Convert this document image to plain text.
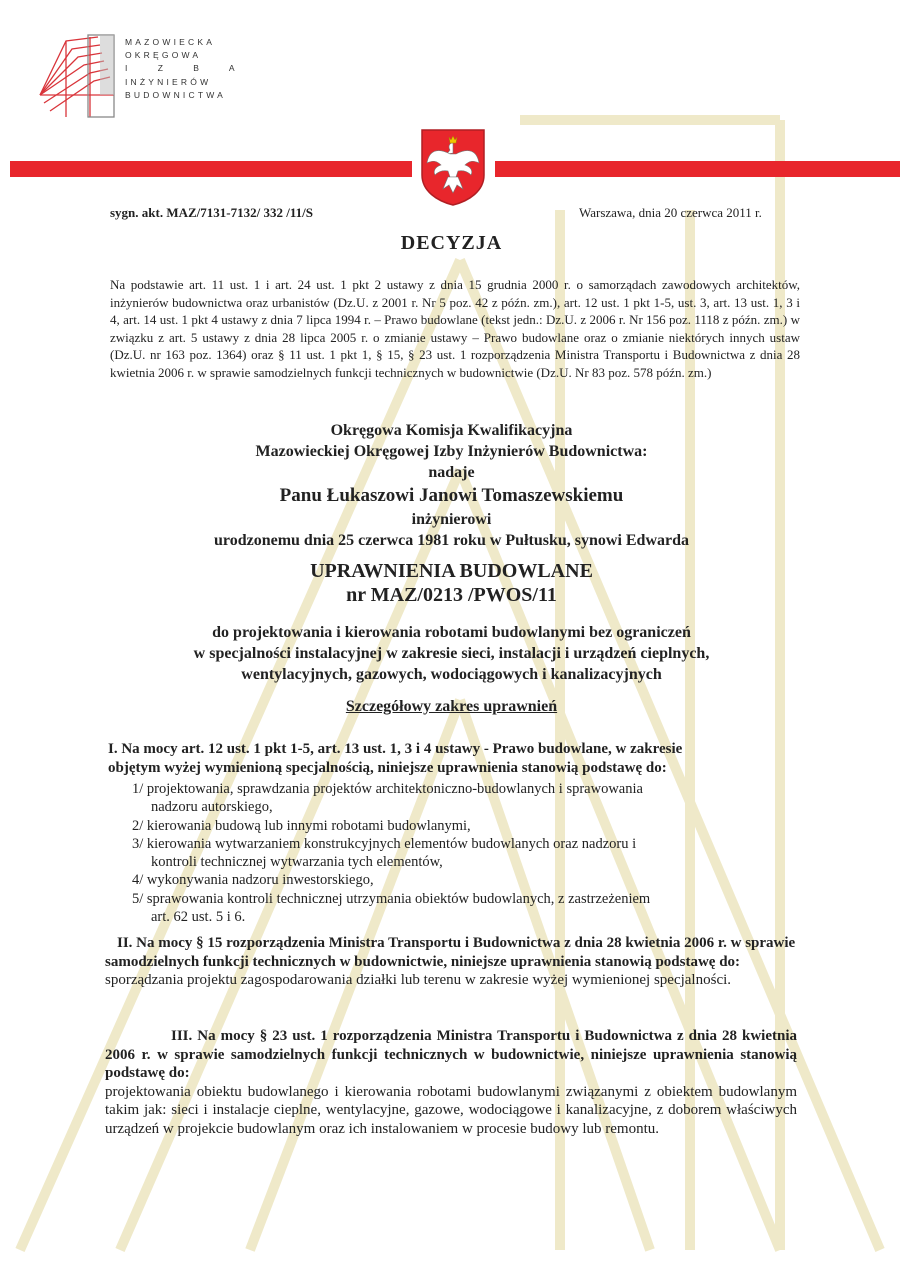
MAZOWIECKA
OKRĘGOWA
I Z B A
INŻYNIERÓW
BUDOWNICTWA
sygn. akt. MAZ/7131-7132/ 332 /11/S	Warszawa, dnia 20 czerwca 2011 r.
DECYZJA
Na podstawie art. 11 ust. 1 i art. 24 ust. 1 pkt 2 ustawy z dnia 15 grudnia 2000 r. o samorządach zawodowych architektów, inżynierów budownictwa oraz urbanistów (Dz.U. z 2001 r. Nr 5 poz. 42 z późn. zm.), art. 12 ust. 1 pkt 1-5, ust. 3, art. 13 ust. 1, 3 i 4, art. 14 ust. 1 pkt 4 ustawy z dnia 7 lipca 1994 r. – Prawo budowlane (tekst jedn.: Dz.U. z 2006 r. Nr 156 poz. 1118 z późn. zm.) w związku z art. 5 ustawy z dnia 28 lipca 2005 r. o zmianie ustawy – Prawo budowlane oraz o zmianie niektórych innych ustaw (Dz.U. nr 163 poz. 1364) oraz § 11 ust. 1 pkt 1, § 15, § 23 ust. 1 rozporządzenia Ministra Transportu i Budownictwa z dnia 28 kwietnia 2006 r. w sprawie samodzielnych funkcji technicznych w budownictwie (Dz.U. Nr 83 poz. 578 późn. zm.)
Okręgowa Komisja Kwalifikacyjna
Mazowieckiej Okręgowej Izby Inżynierów Budownictwa:
nadaje
Panu Łukaszowi Janowi Tomaszewskiemu
inżynierowi
urodzonemu dnia 25 czerwca 1981 roku w Pułtusku, synowi Edwarda
UPRAWNIENIA BUDOWLANE
nr MAZ/0213 /PWOS/11
do projektowania i kierowania robotami budowlanymi bez ograniczeń
w specjalności instalacyjnej w zakresie sieci, instalacji i urządzeń cieplnych,
wentylacyjnych, gazowych, wodociągowych i kanalizacyjnych
Szczegółowy zakres uprawnień

I. Na mocy art. 12 ust. 1 pkt 1-5, art. 13 ust. 1, 3 i 4 ustawy - Prawo budowlane, w zakresie

objętym wyżej wymienioną specjalnością, niniejsze uprawnienia stanowią podstawę do:

1/ projektowania, sprawdzania projektów architektoniczno-budowlanych i sprawowania
nadzoru autorskiego,
2/ kierowania budową lub innymi robotami budowlanymi,
3/ kierowania wytwarzaniem konstrukcyjnych elementów budowlanych oraz nadzoru i
kontroli technicznej wytwarzania tych elementów,
4/ wykonywania nadzoru inwestorskiego,
5/ sprawowania kontroli technicznej utrzymania obiektów budowlanych, z zastrzeżeniem
art. 62 ust. 5 i 6.

II. Na mocy § 15 rozporządzenia Ministra Transportu i Budownictwa z dnia 28 kwietnia 2006 r. w sprawie samodzielnych funkcji technicznych w budownictwie, niniejsze uprawnienia stanowią podstawę do:

sporządzania projektu zagospodarowania działki lub terenu w zakresie wyżej wymienionej specjalności.

III. Na mocy § 23 ust. 1 rozporządzenia Ministra Transportu i Budownictwa z dnia 28 kwietnia 2006 r. w sprawie samodzielnych funkcji technicznych w budownictwie, niniejsze uprawnienia stanowią podstawę do:

projektowania obiektu budowlanego i kierowania robotami budowlanymi związanymi z obiektem budowlanym takim jak: sieci i instalacje cieplne, wentylacyjne, gazowe, wodociągowe i kanalizacyjne, z doborem właściwych urządzeń w projekcie budowlanym oraz ich instalowaniem w procesie budowy lub remontu.
